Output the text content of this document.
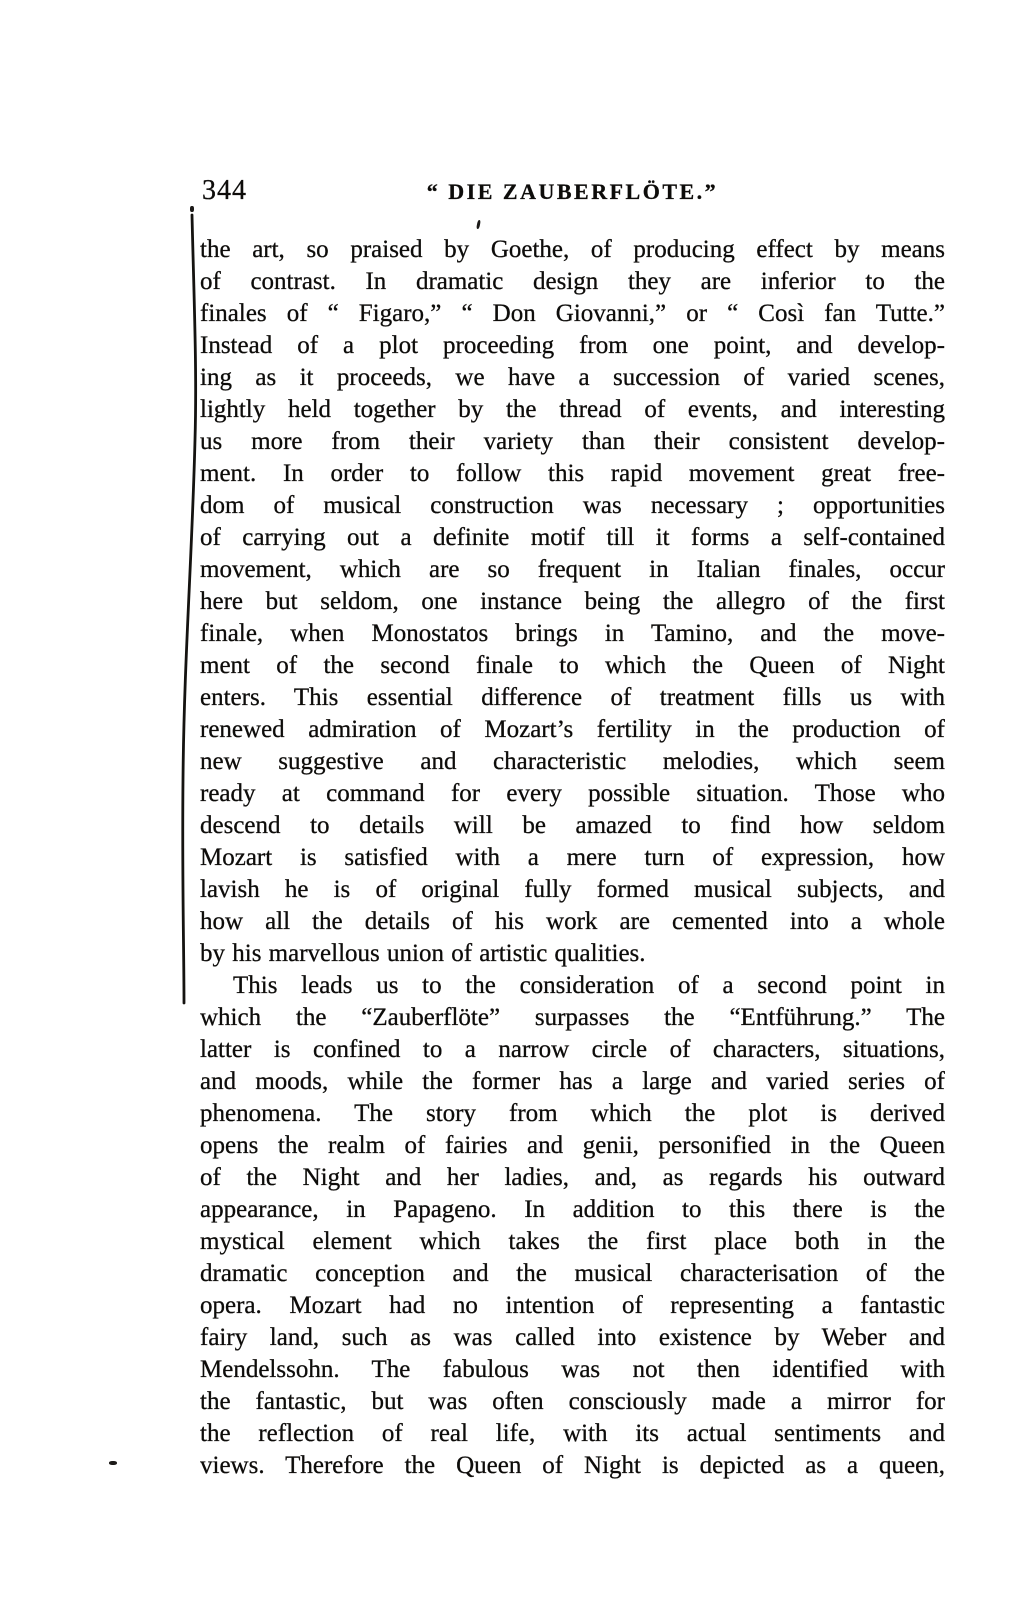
344	“ DIE ZAUBERFLÖTE.”
the art, so praised by Goethe, of producing effect by means
of contrast. In dramatic design they are inferior to the
finales of “ Figaro,” “ Don Giovanni,” or “ Così fan Tutte.”
Instead of a plot proceeding from one point, and develop-
ing as it proceeds, we have a succession of varied scenes,
lightly held together by the thread of events, and interesting
us more from their variety than their consistent develop-
ment. In order to follow this rapid movement great free-
dom of musical construction was necessary ; opportunities
of carrying out a definite motif till it forms a self-contained
movement, which are so frequent in Italian finales, occur
here but seldom, one instance being the allegro of the first
finale, when Monostatos brings in Tamino, and the move-
ment of the second finale to which the Queen of Night
enters. This essential difference of treatment fills us with
renewed admiration of Mozart’s fertility in the production of
new suggestive and characteristic melodies, which seem
ready at command for every possible situation. Those who
descend to details will be amazed to find how seldom
Mozart is satisfied with a mere turn of expression, how
lavish he is of original fully formed musical subjects, and
how all the details of his work are cemented into a whole
by his marvellous union of artistic qualities.
This leads us to the consideration of a second point in
which the “Zauberflöte” surpasses the “Entführung.” The
latter is confined to a narrow circle of characters, situations,
and moods, while the former has a large and varied series of
phenomena. The story from which the plot is derived
opens the realm of fairies and genii, personified in the Queen
of the Night and her ladies, and, as regards his outward
appearance, in Papageno. In addition to this there is the
mystical element which takes the first place both in the
dramatic conception and the musical characterisation of the
opera. Mozart had no intention of representing a fantastic
fairy land, such as was called into existence by Weber and
Mendelssohn. The fabulous was not then identified with
the fantastic, but was often consciously made a mirror for
the reflection of real life, with its actual sentiments and
views. Therefore the Queen of Night is depicted as a queen,
